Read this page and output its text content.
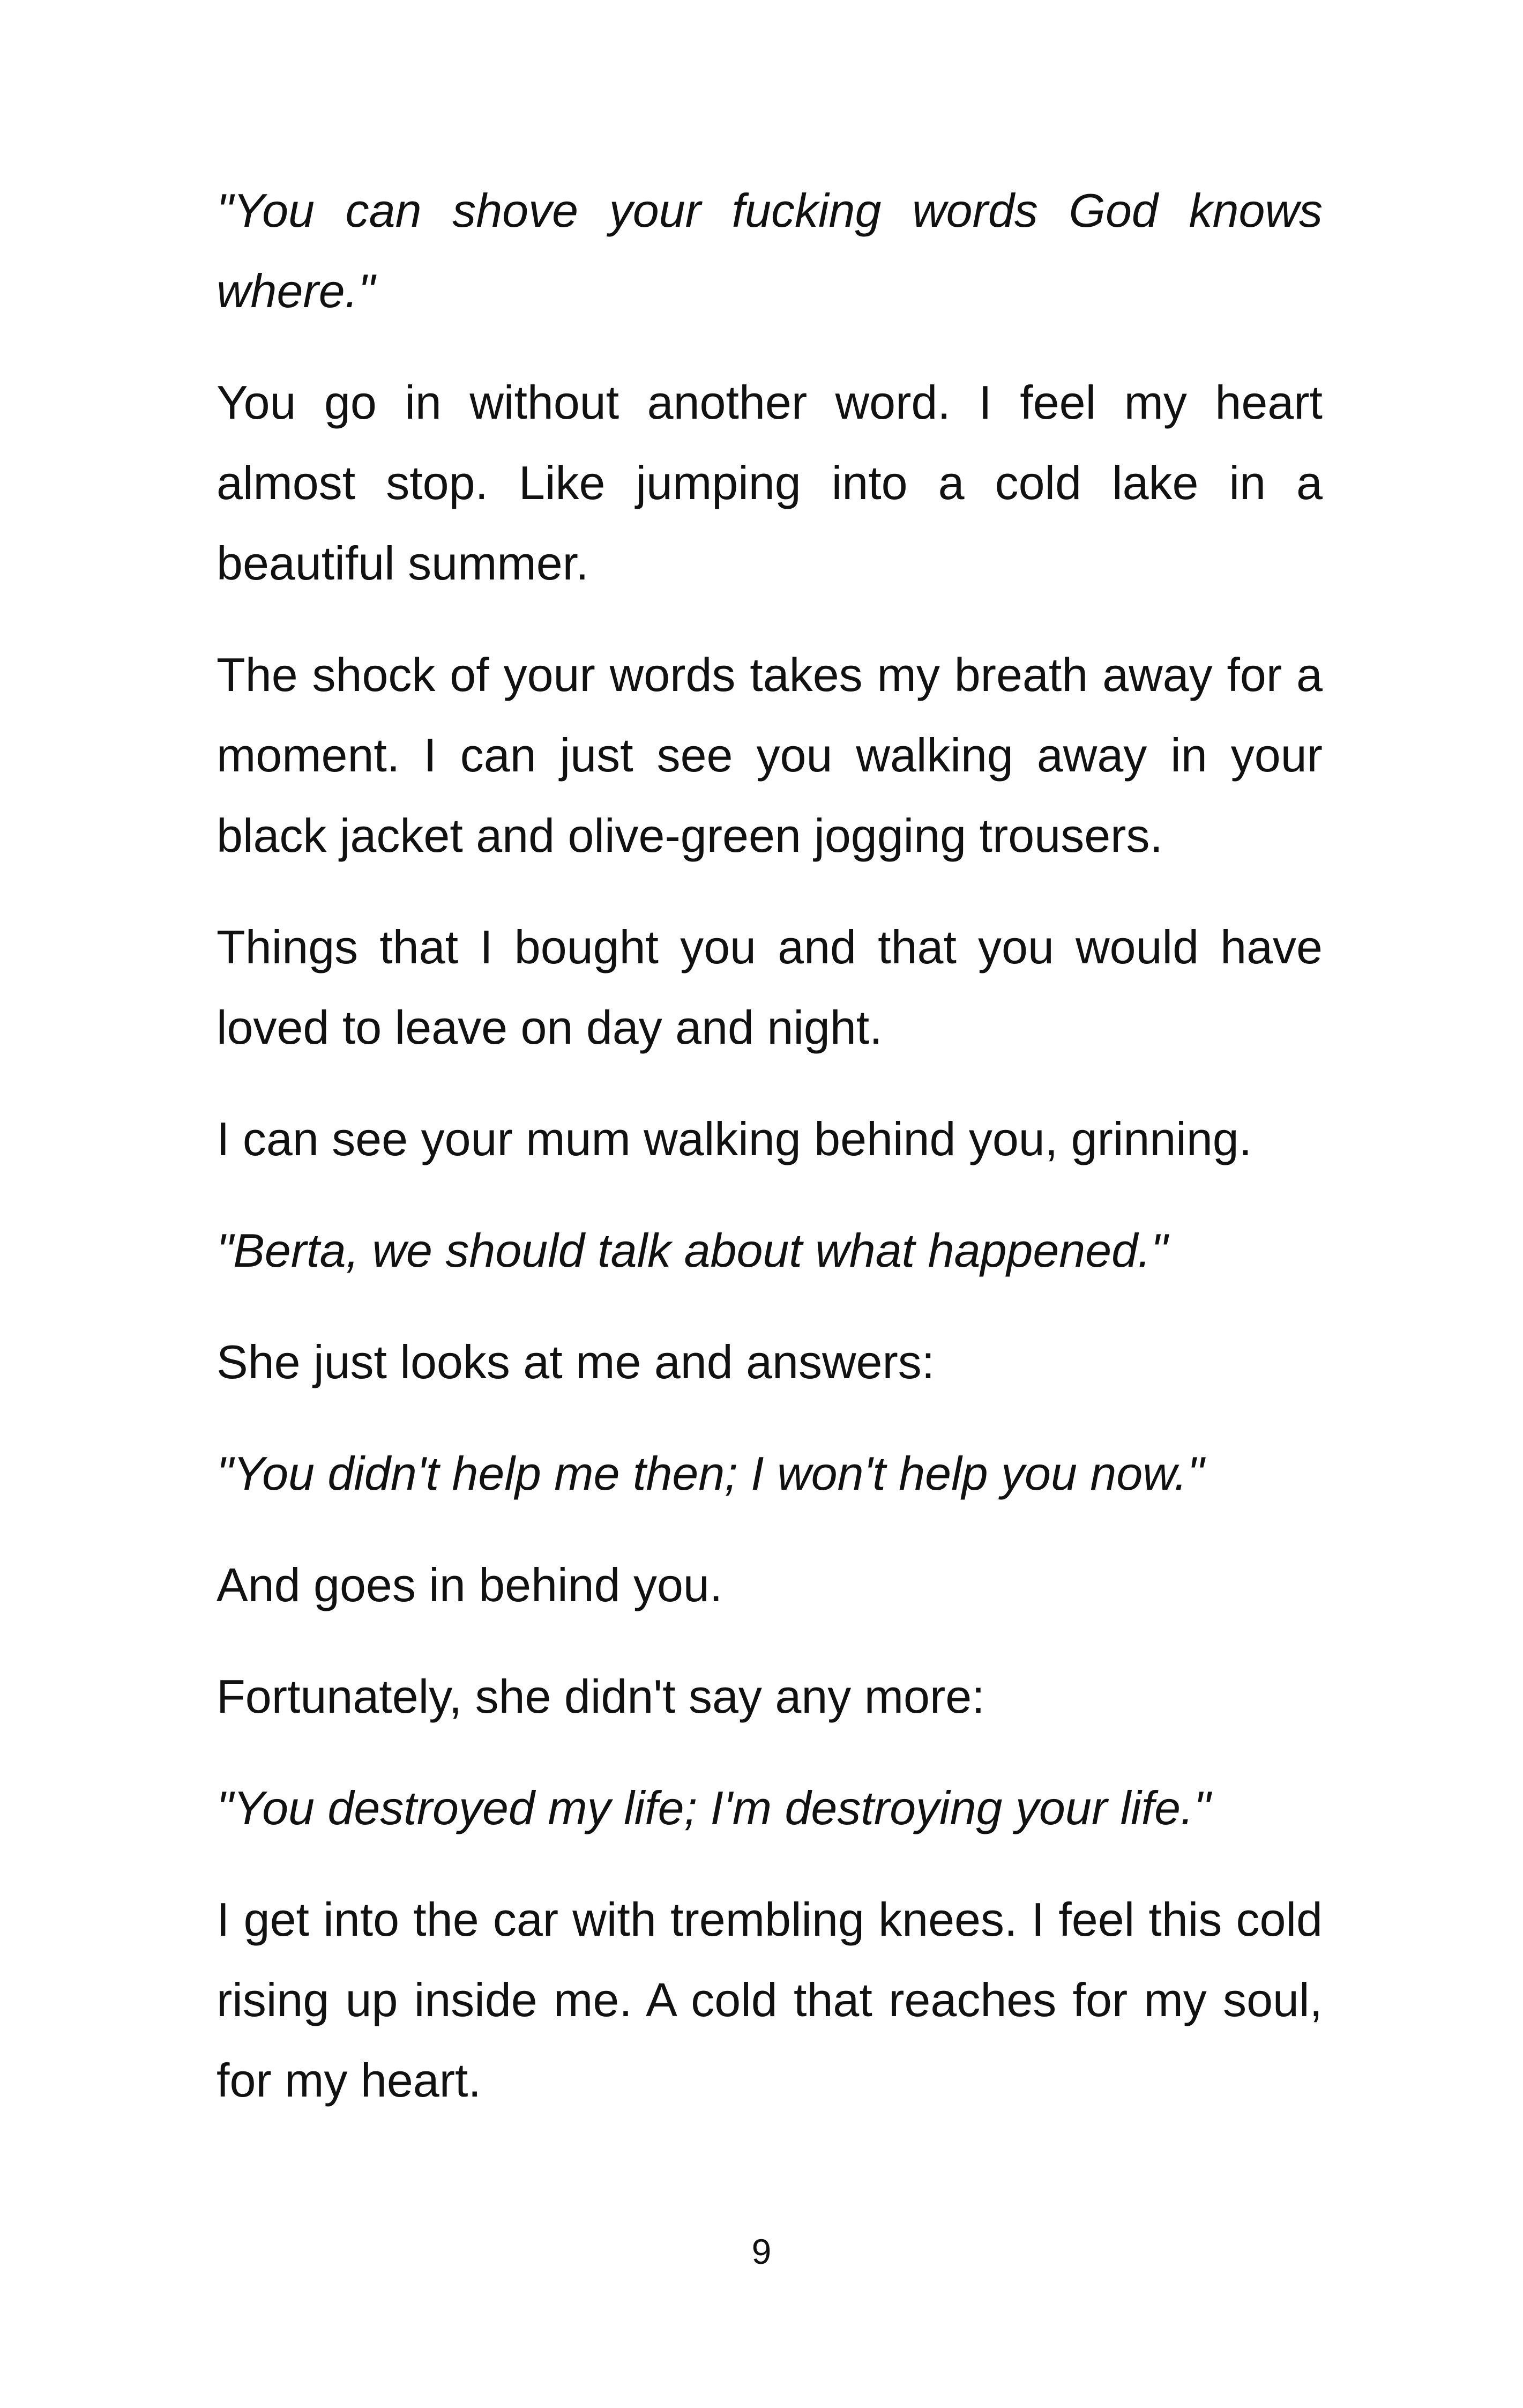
"You can shove your fucking words God knows where."

You go in without another word. I feel my heart almost stop. Like jumping into a cold lake in a beautiful summer.

The shock of your words takes my breath away for a moment. I can just see you walking away in your black jacket and olive-green jogging trousers.

Things that I bought you and that you would have loved to leave on day and night.

I can see your mum walking behind you, grinning.

"Berta, we should talk about what happened."

She just looks at me and answers:

"You didn't help me then; I won't help you now."

And goes in behind you.

Fortunately, she didn't say any more:

"You destroyed my life; I'm destroying your life."

I get into the car with trembling knees. I feel this cold rising up inside me. A cold that reaches for my soul, for my heart.

9
